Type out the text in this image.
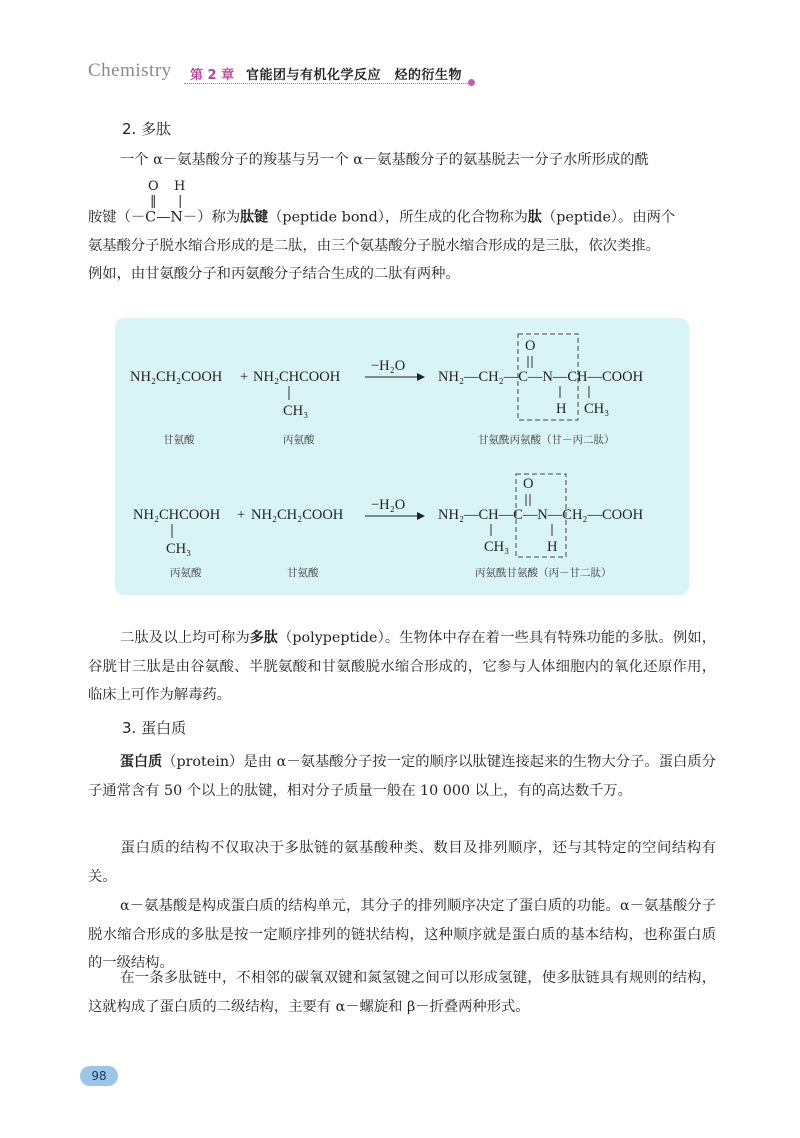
Chemistry 第 2 章 官能团与有机化学反应　烃的衍生物
2. 多肽

一个 α－氨基酸分子的羧基与另一个 α－氨基酸分子的氨基脱去一分子水所形成的酰
胺键（－C—N－）称为肽键（peptide bond），所生成的化合物称为肽（peptide）。由两个
氨基酸分子脱水缩合形成的是二肽，由三个氨基酸分子脱水缩合形成的是三肽，依次类推。
例如，由甘氨酸分子和丙氨酸分子结合生成的二肽有两种。

O H
‖ |
NH₂CH₂COOH + NH₂CHCOOH
CH₃
−H₂O
NH₂—CH₂—C—N—CH—COOH
O
H CH₃
甘氨酸	丙氨酸	甘氨酰丙氨酸（甘－丙二肽）
NH₂CHCOOH
CH₃
+ NH₂CH₂COOH
−H₂O
NH₂—CH—C—N—CH₂—COOH
O
CH₃	H
丙氨酸	甘氨酸	丙氨酰甘氨酸（丙－甘二肽）

二肽及以上均可称为多肽（polypeptide）。生物体中存在着一些具有特殊功能的多肽。例如，谷胱甘三肽是由谷氨酸、半胱氨酸和甘氨酸脱水缩合形成的，它参与人体细胞内的氧化还原作用，临床上可作为解毒药。

3. 蛋白质

蛋白质（protein）是由 α－氨基酸分子按一定的顺序以肽键连接起来的生物大分子。蛋白质分子通常含有 50 个以上的肽键，相对分子质量一般在 10 000 以上，有的高达数千万。

蛋白质的结构不仅取决于多肽链的氨基酸种类、数目及排列顺序，还与其特定的空间结构有关。

α－氨基酸是构成蛋白质的结构单元，其分子的排列顺序决定了蛋白质的功能。α－氨基酸分子脱水缩合形成的多肽是按一定顺序排列的链状结构，这种顺序就是蛋白质的基本结构，也称蛋白质的一级结构。

在一条多肽链中，不相邻的碳氧双键和氮氢键之间可以形成氢键，使多肽链具有规则的结构，这就构成了蛋白质的二级结构，主要有 α－螺旋和 β－折叠两种形式。

98
